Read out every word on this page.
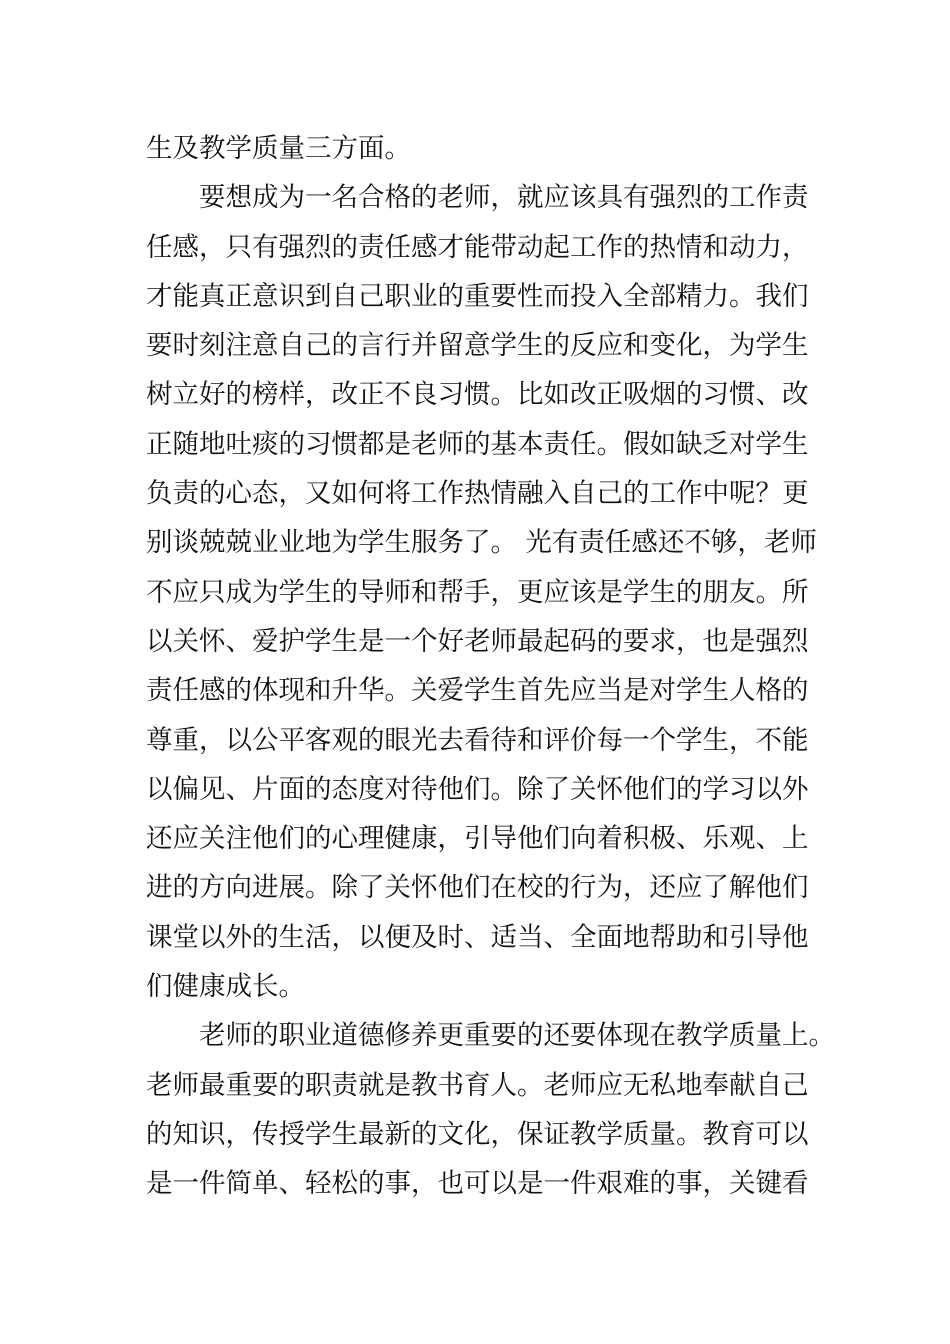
生及教学质量三方面。
　　要想成为一名合格的老师，就应该具有强烈的工作责
任感，只有强烈的责任感才能带动起工作的热情和动力，
才能真正意识到自己职业的重要性而投入全部精力。我们
要时刻注意自己的言行并留意学生的反应和变化，为学生
树立好的榜样，改正不良习惯。比如改正吸烟的习惯、改
正随地吐痰的习惯都是老师的基本责任。假如缺乏对学生
负责的心态，又如何将工作热情融入自己的工作中呢？更
别谈兢兢业业地为学生服务了。 光有责任感还不够，老师
不应只成为学生的导师和帮手，更应该是学生的朋友。所
以关怀、爱护学生是一个好老师最起码的要求，也是强烈
责任感的体现和升华。关爱学生首先应当是对学生人格的
尊重，以公平客观的眼光去看待和评价每一个学生，不能
以偏见、片面的态度对待他们。除了关怀他们的学习以外
还应关注他们的心理健康，引导他们向着积极、乐观、上
进的方向进展。除了关怀他们在校的行为，还应了解他们
课堂以外的生活，以便及时、适当、全面地帮助和引导他
们健康成长。
　　老师的职业道德修养更重要的还要体现在教学质量上。
老师最重要的职责就是教书育人。老师应无私地奉献自己
的知识，传授学生最新的文化，保证教学质量。教育可以
是一件简单、轻松的事，也可以是一件艰难的事，关键看
